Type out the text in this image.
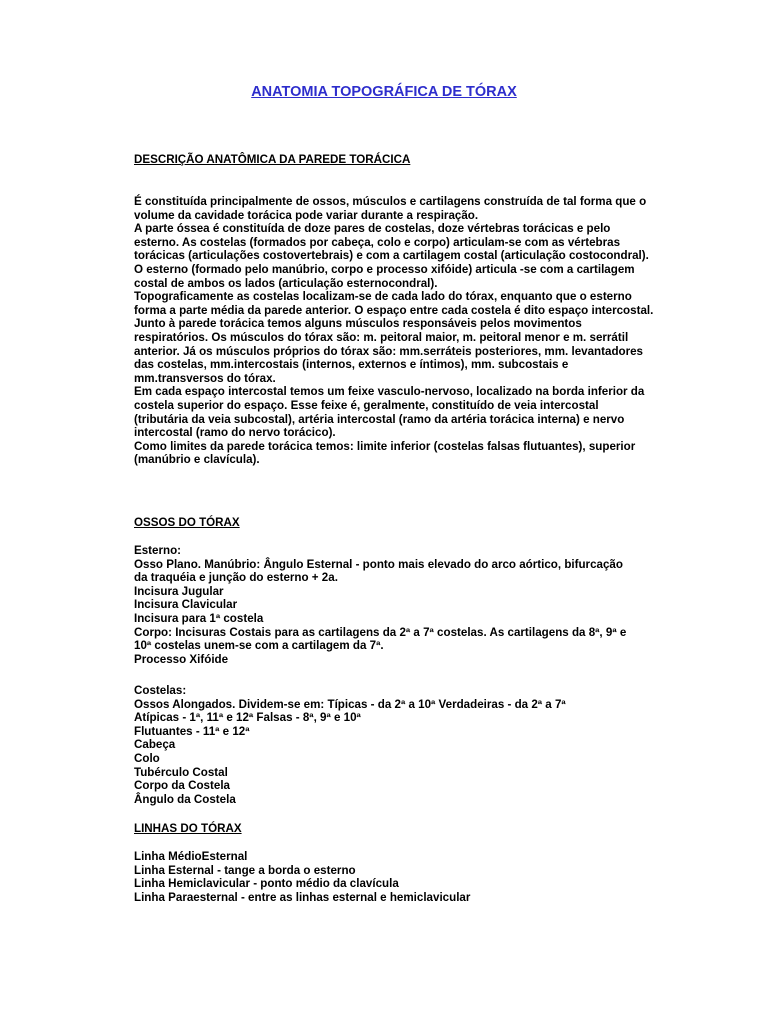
ANATOMIA TOPOGRÁFICA DE TÓRAX
DESCRIÇÃO ANATÔMICA DA PAREDE TORÁCICA

É constituída principalmente de ossos, músculos e cartilagens construída de tal forma que o volume da cavidade torácica pode variar durante a respiração.

A parte óssea é constituída de doze pares de costelas, doze vértebras torácicas e pelo esterno. As costelas (formados por cabeça, colo e corpo) articulam-se com as vértebras torácicas (articulações costovertebrais) e com a cartilagem costal (articulação costocondral). O esterno (formado pelo manúbrio, corpo e processo xifóide) articula -se com a cartilagem costal de ambos os lados (articulação esternocondral).

Topograficamente as costelas localizam-se de cada lado do tórax, enquanto que o esterno forma a parte média da parede anterior. O espaço entre cada costela é dito espaço intercostal. Junto à parede torácica temos alguns músculos responsáveis pelos movimentos respiratórios. Os músculos do tórax são: m. peitoral maior, m. peitoral menor e m. serrátil

anterior. Já os músculos próprios do tórax são: mm.serráteis posteriores, mm. levantadores das costelas, mm.intercostais (internos, externos e íntimos), mm. subcostais e mm.transversos do tórax.

Em cada espaço intercostal temos um feixe vasculo-nervoso, localizado na borda inferior da costela superior do espaço. Esse feixe é, geralmente, constituído de veia intercostal (tributária da veia subcostal), artéria intercostal (ramo da artéria torácica interna) e nervo intercostal (ramo do nervo torácico).

Como limites da parede torácica temos: limite inferior (costelas falsas flutuantes), superior (manúbrio e clavícula).

OSSOS DO TÓRAX

Esterno:

Osso Plano. Manúbrio: Ângulo Esternal - ponto mais elevado do arco aórtico, bifurcação

da traquéia e junção do esterno + 2a.

Incisura Jugular

Incisura Clavicular

Incisura para 1ª costela

Corpo: Incisuras Costais para as cartilagens da 2ª a 7ª costelas. As cartilagens da 8ª, 9ª e

10ª costelas unem-se com a cartilagem da 7ª.

Processo Xifóide

Costelas:

Ossos Alongados. Dividem-se em: Típicas - da 2ª a 10ª Verdadeiras - da 2ª a 7ª

Atípicas - 1ª, 11ª e 12ª Falsas - 8ª, 9ª e 10ª

Flutuantes - 11ª e 12ª

Cabeça

Colo

Tubérculo Costal

Corpo da Costela

Ângulo da Costela

LINHAS DO TÓRAX

Linha MédioEsternal

Linha Esternal - tange a borda o esterno

Linha Hemiclavicular - ponto médio da clavícula

Linha Paraesternal - entre as linhas esternal e hemiclavicular
